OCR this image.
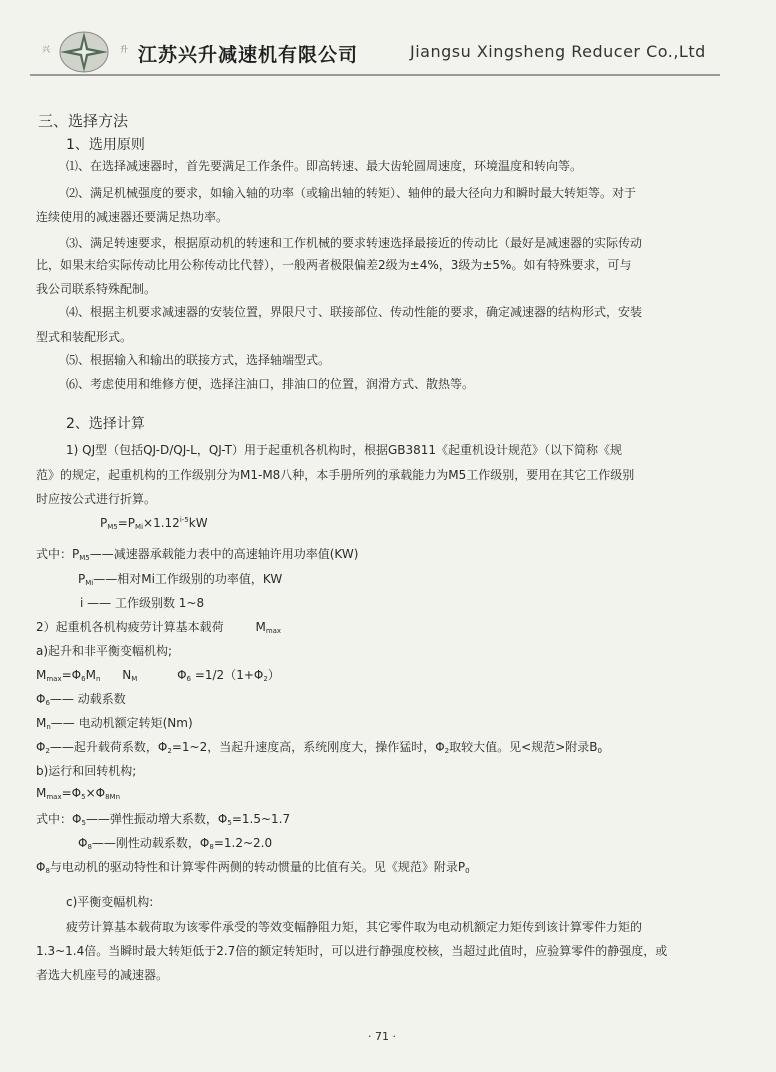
兴	升 江苏兴升减速机有限公司	Jiangsu Xingsheng Reducer Co.,Ltd
三、选择方法
1、选用原则
⑴、在选择减速器时，首先要满足工作条件。即高转速、最大齿轮圆周速度，环境温度和转向等。
⑵、满足机械强度的要求，如输入轴的功率（或输出轴的转矩）、轴伸的最大径向力和瞬时最大转矩等。对于
连续使用的减速器还要满足热功率。
⑶、满足转速要求，根据原动机的转速和工作机械的要求转速选择最接近的传动比（最好是减速器的实际传动
比，如果末给实际传动比用公称传动比代替），一般两者极限偏差2级为±4%，3级为±5%。如有特殊要求，可与
我公司联系特殊配制。
⑷、根据主机要求减速器的安装位置，界限尺寸、联接部位、传动性能的要求，确定减速器的结构形式，安装
型式和装配形式。
⑸、根据输入和输出的联接方式，选择轴端型式。
⑹、考虑使用和维修方便，选择注油口，排油口的位置，润滑方式、散热等。
2、选择计算
1) QJ型（包括QJ-D/QJ-L，QJ-T）用于起重机各机构时，根据GB3811《起重机设计规范》（以下简称《规
范》的规定，起重机构的工作级别分为M1-M8八种，本手册所列的承载能力为M5工作级别，要用在其它工作级别
时应按公式进行折算。
$P_{M5}=P_{Mi}\times 1.12^{i-5}kW$
式中：$P_{M5}——$减速器承载能力表中的高速轴许用功率值(KW)
$P_{Mi}——$相对Mi工作级别的功率值，KW
i —— 工作级别数 1~8
2）起重机各机构疲劳计算基本载荷	$M_{max}$
a)起升和非平衡变幅机构;
$M_{max}=\Phi_6M_n$ $N_M$	$\Phi_6 =1/2(1+\Phi_2)$
$\Phi_6——$ 动载系数
$M_n——$ 电动机额定转矩(Nm)
$\Phi_2——$起升载荷系数，$\Phi_2=1\sim 2$，当起升速度高，系统刚度大，操作猛时，$\Phi_2$取较大值。见<规范>附录$B_0$
b)运行和回转机构;
$M_{max}=\Phi_5\times\Phi_{8Mn}$
式中：$\Phi_5——$弹性振动增大系数，$\Phi_5=1.5\sim 1.7$
$\Phi_8——$刚性动载系数，$\Phi_8=1.2\sim 2.0$
$\Phi_8$与电动机的驱动特性和计算零件两侧的转动惯量的比值有关。见《规范》附录$P_0$
c)平衡变幅机构:
疲劳计算基本载荷取为该零件承受的等效变幅静阻力矩，其它零件取为电动机额定力矩传到该计算零件力矩的
1.3~1.4倍。当瞬时最大转矩低于2.7倍的额定转矩时，可以进行静强度校核，当超过此值时，应验算零件的静强度，或
者选大机座号的减速器。
· 71 ·
